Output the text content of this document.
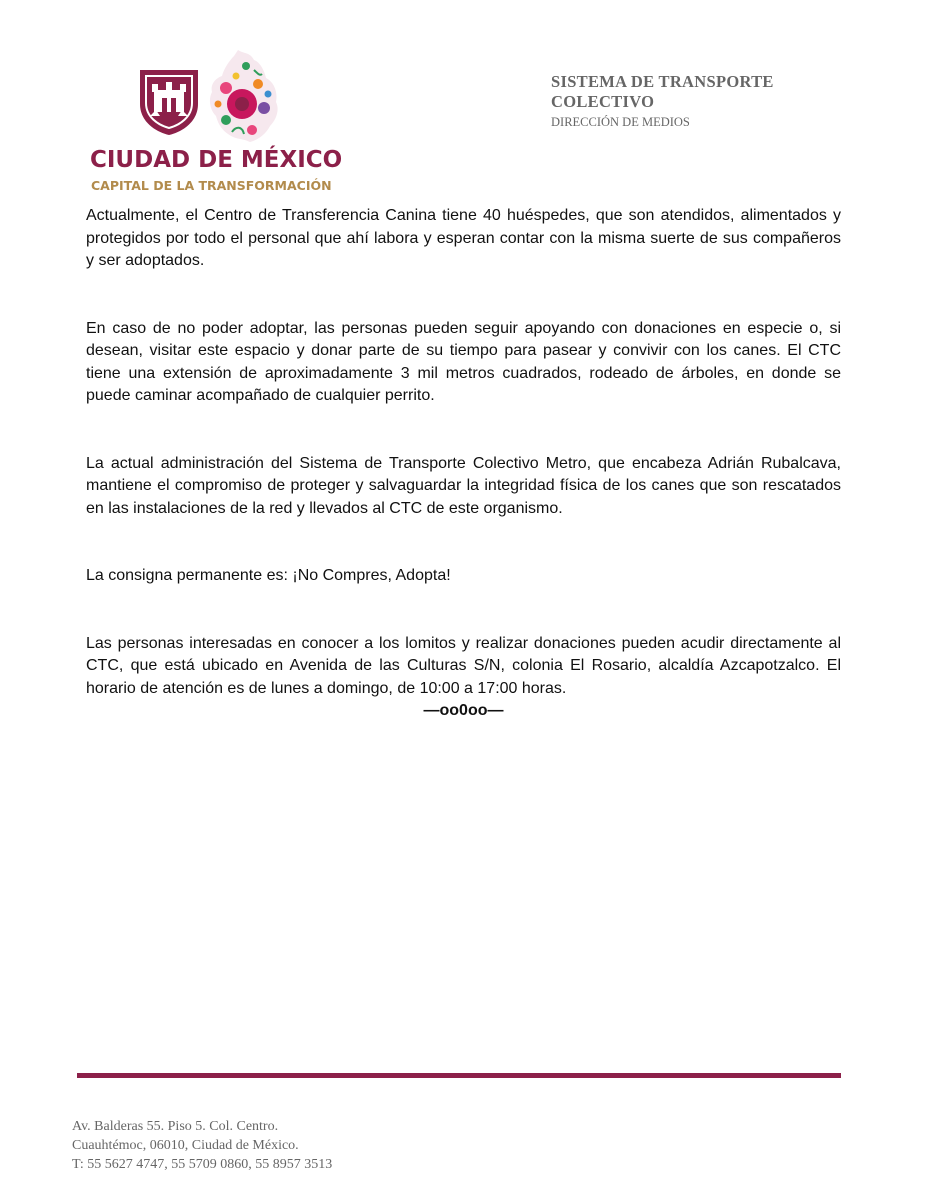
CIUDAD DE MÉXICO
CAPITAL DE LA TRANSFORMACIÓN
SISTEMA DE TRANSPORTE
COLECTIVO
DIRECCIÓN DE MEDIOS

Actualmente, el Centro de Transferencia Canina tiene 40 huéspedes, que son atendidos, alimentados y protegidos por todo el personal que ahí labora y esperan contar con la misma suerte de sus compañeros y ser adoptados.

En caso de no poder adoptar, las personas pueden seguir apoyando con donaciones en especie o, si desean, visitar este espacio y donar parte de su tiempo para pasear y convivir con los canes. El CTC tiene una extensión de aproximadamente 3 mil metros cuadrados, rodeado de árboles, en donde se puede caminar acompañado de cualquier perrito.

La actual administración del Sistema de Transporte Colectivo Metro, que encabeza Adrián Rubalcava, mantiene el compromiso de proteger y salvaguardar la integridad física de los canes que son rescatados en las instalaciones de la red y llevados al CTC de este organismo.

La consigna permanente es: ¡No Compres, Adopta!

Las personas interesadas en conocer a los lomitos y realizar donaciones pueden acudir directamente al CTC, que está ubicado en Avenida de las Culturas S/N, colonia El Rosario, alcaldía Azcapotzalco. El horario de atención es de lunes a domingo, de 10:00 a 17:00 horas.

—oo0oo—

Av. Balderas 55. Piso 5. Col. Centro.
Cuauhtémoc, 06010, Ciudad de México.
T: 55 5627 4747, 55 5709 0860, 55 8957 3513
